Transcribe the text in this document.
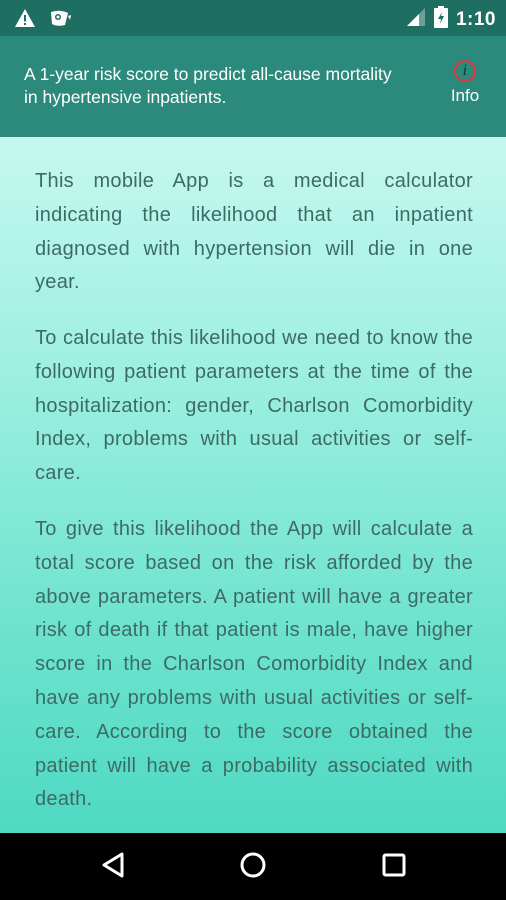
1:10
A 1-year risk score to predict all-cause mortality in hypertensive inpatients.
i
Info

This mobile App is a medical calculator indicating the likelihood that an inpatient diagnosed with hypertension will die in one year.

To calculate this likelihood we need to know the following patient parameters at the time of the hospitalization: gender, Charlson Comorbidity Index, problems with usual activities or self-care.

To give this likelihood the App will calculate a total score based on the risk afforded by the above parameters. A patient will have a greater risk of death if that patient is male, have higher score in the Charlson Comorbidity Index and have any problems with usual activities or self-care. According to the score obtained the patient will have a probability associated with death.
